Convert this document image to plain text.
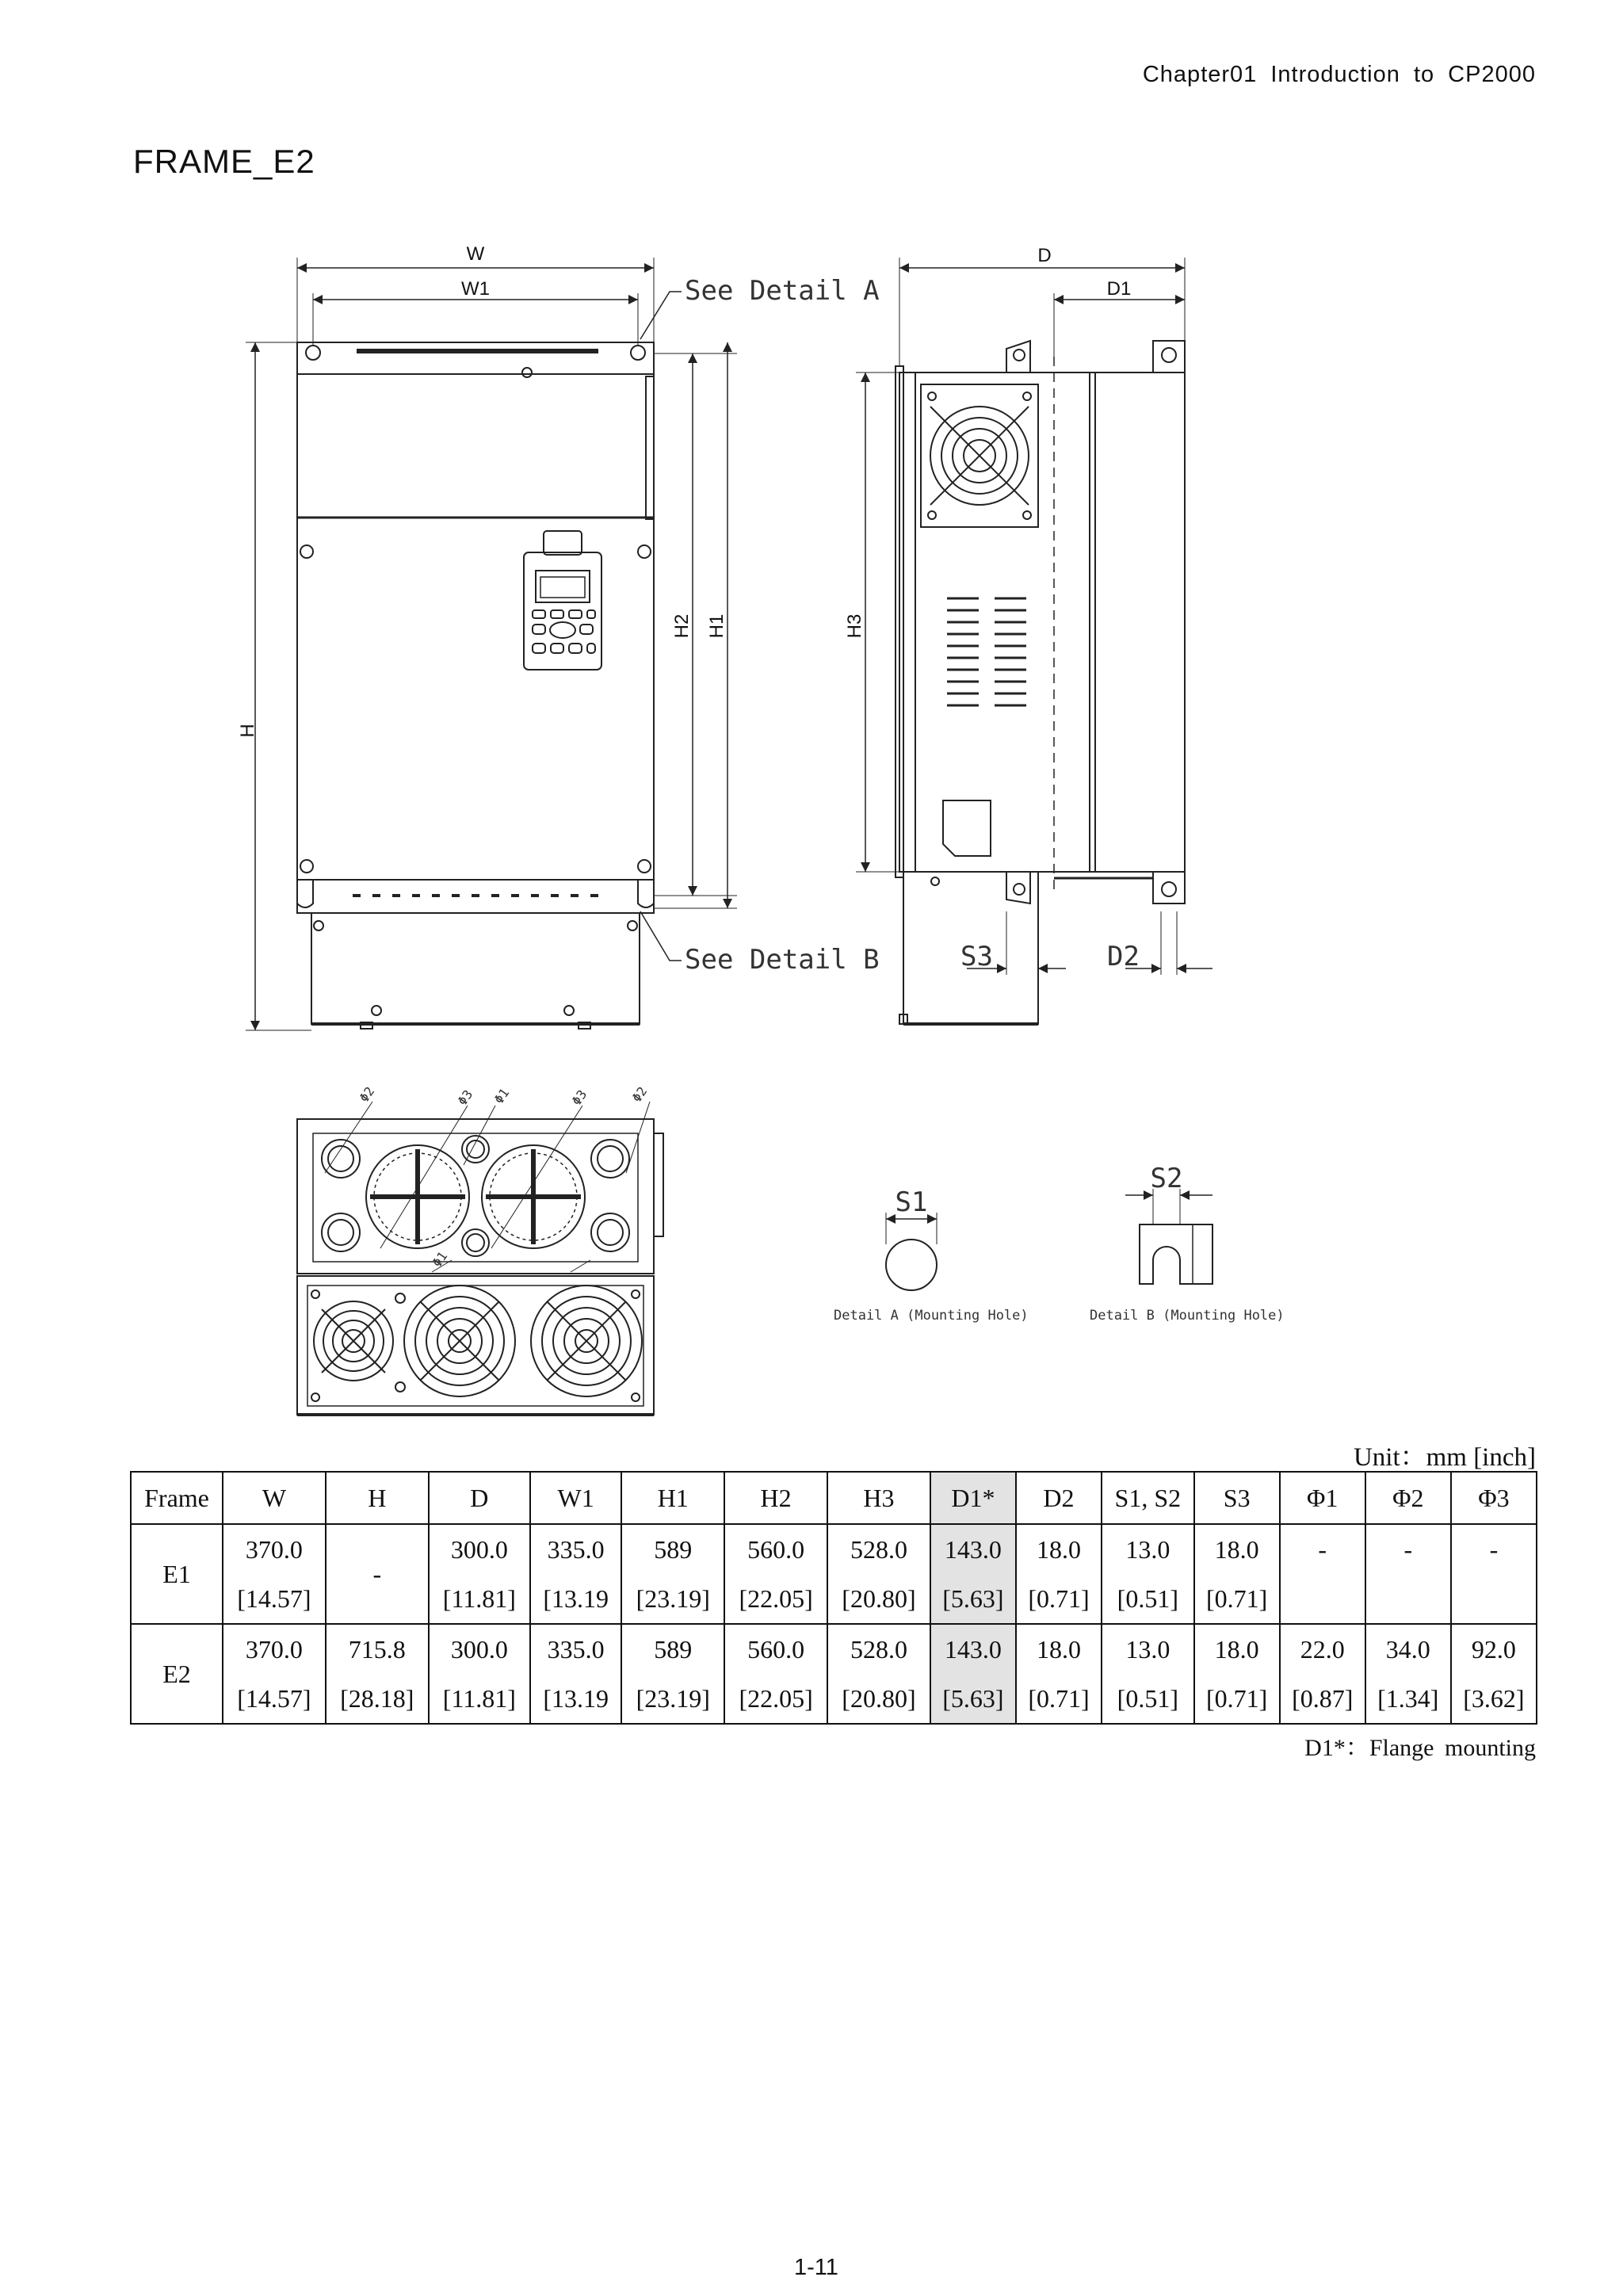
Chapter01 Introduction to CP2000
FRAME_E2
W
W1
H
H2 H1	H3
D
D1
See Detail A
See Detail B	S3	D2
S1
S2
Detail A (Mounting Hole)	Detail B (Mounting Hole)
Φ2	Φ3 Φ1	Φ3	Φ2
Φ1
Unit：mm [inch]
Frame	W	H	D	W1	H1	H2	H3	D1*	D2	S1, S2	S3	Φ1	Φ2	Φ3
E1	370.0	-	300.0	335.0	589	560.0	528.0	143.0	18.0	13.0	18.0	-	-	-
	[14.57]		[11.81]	[13.19	[23.19]	[22.05]	[20.80]	[5.63]	[0.71]	[0.51]	[0.71]			
E2	370.0	715.8	300.0	335.0	589	560.0	528.0	143.0	18.0	13.0	18.0	22.0	34.0	92.0
	[14.57]	[28.18]	[11.81]	[13.19	[23.19]	[22.05]	[20.80]	[5.63]	[0.71]	[0.51]	[0.71]	[0.87]	[1.34]	[3.62]
D1*：Flange mounting
1-11
